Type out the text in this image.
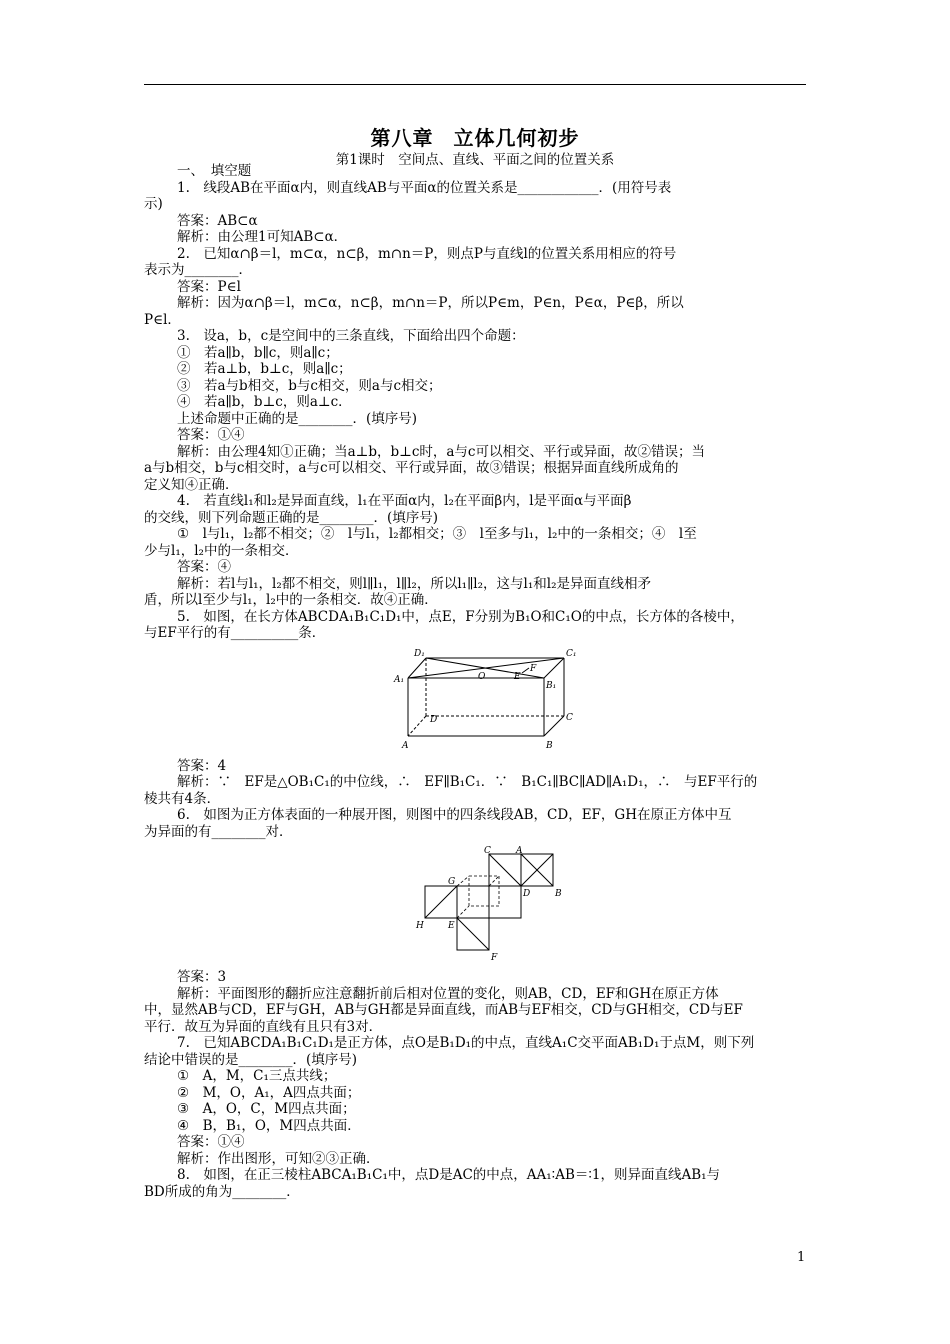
第八章 立体几何初步
第1课时　空间点、直线、平面之间的位置关系

一、　填空题

1.　线段AB在平面α内，则直线AB与平面α的位置关系是____________．(用符号表

示)

答案：AB⊂α

解析：由公理1可知AB⊂α．

2.　已知α∩β＝l，m⊂α，n⊂β，m∩n＝P，则点P与直线l的位置关系用相应的符号

表示为________．

答案：P∈l

解析：因为α∩β＝l，m⊂α，n⊂β，m∩n＝P，所以P∈m，P∈n，P∈α，P∈β，所以

P∈l．

3.　设a，b，c是空间中的三条直线，下面给出四个命题：

①　若a∥b，b∥c，则a∥c；

②　若a⊥b，b⊥c，则a∥c；

③　若a与b相交，b与c相交，则a与c相交；

④　若a∥b，b⊥c，则a⊥c．

上述命题中正确的是________．(填序号)

答案：①④

解析：由公理4知①正确；当a⊥b，b⊥c时，a与c可以相交、平行或异面，故②错误；当

a与b相交，b与c相交时，a与c可以相交、平行或异面，故③错误；根据异面直线所成角的

定义知④正确．

4.　若直线l₁和l₂是异面直线，l₁在平面α内，l₂在平面β内，l是平面α与平面β

的交线，则下列命题正确的是________．(填序号)

①　l与l₁，l₂都不相交；②　l与l₁，l₂都相交；③　l至多与l₁，l₂中的一条相交；④　l至

少与l₁，l₂中的一条相交．

答案：④

解析：若l与l₁，l₂都不相交，则l∥l₁，l∥l₂，所以l₁∥l₂，这与l₁和l₂是异面直线相矛

盾，所以l至少与l₁，l₂中的一条相交．故④正确．

5.　如图，在长方体ABCDA₁B₁C₁D₁中，点E，F分别为B₁O和C₁O的中点，长方体的各棱中，

与EF平行的有__________条．

D₁	C₁
A₁
B₁
O	E
F
D	C
A	B

答案：4

解析：∵　EF是△OB₁C₁的中位线，∴　EF∥B₁C₁．∵　B₁C₁∥BC∥AD∥A₁D₁，∴　与EF平行的

棱共有4条．

6.　如图为正方体表面的一种展开图，则图中的四条线段AB，CD，EF，GH在原正方体中互

为异面的有________对．

C	A
G
D	B
H	E
F

答案：3

解析：平面图形的翻折应注意翻折前后相对位置的变化，则AB，CD，EF和GH在原正方体

中，显然AB与CD，EF与GH，AB与GH都是异面直线，而AB与EF相交，CD与GH相交，CD与EF

平行．故互为异面的直线有且只有3对．

7.　已知ABCDA₁B₁C₁D₁是正方体，点O是B₁D₁的中点，直线A₁C交平面AB₁D₁于点M，则下列

结论中错误的是________．(填序号)

①　A，M，C₁三点共线；

②　M，O，A₁，A四点共面；

③　A，O，C，M四点共面；

④　B，B₁，O，M四点共面．

答案：①④

解析：作出图形，可知②③正确．

8.　如图，在正三棱柱ABCA₁B₁C₁中，点D是AC的中点，AA₁∶AB＝∶1，则异面直线AB₁与

BD所成的角为________．

1
